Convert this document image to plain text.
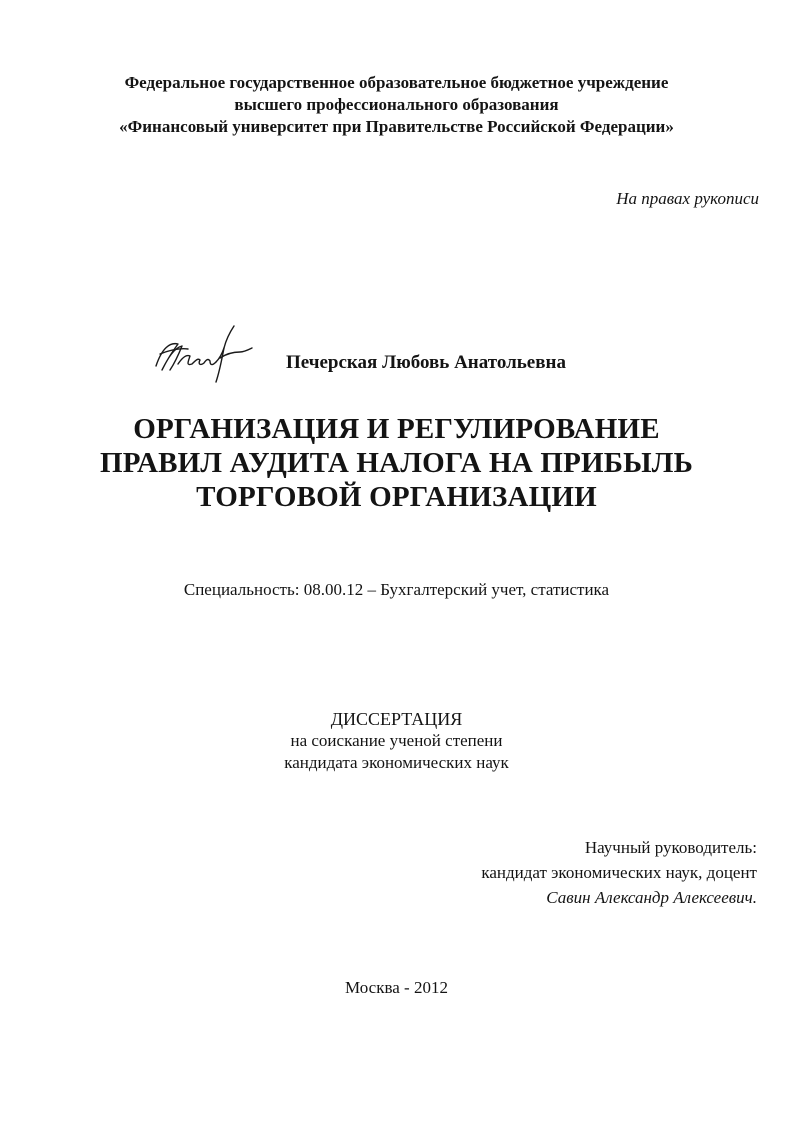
Федеральное государственное образовательное бюджетное учреждение
высшего профессионального образования
«Финансовый университет при Правительстве Российской Федерации»
На правах рукописи
Печерская Любовь Анатольевна
ОРГАНИЗАЦИЯ И РЕГУЛИРОВАНИЕ
ПРАВИЛ АУДИТА НАЛОГА НА ПРИБЫЛЬ
ТОРГОВОЙ ОРГАНИЗАЦИИ
Специальность: 08.00.12 – Бухгалтерский учет, статистика
ДИССЕРТАЦИЯ
на соискание ученой степени
кандидата экономических наук
Научный руководитель:
кандидат экономических наук, доцент
Савин Александр Алексеевич.
Москва - 2012
